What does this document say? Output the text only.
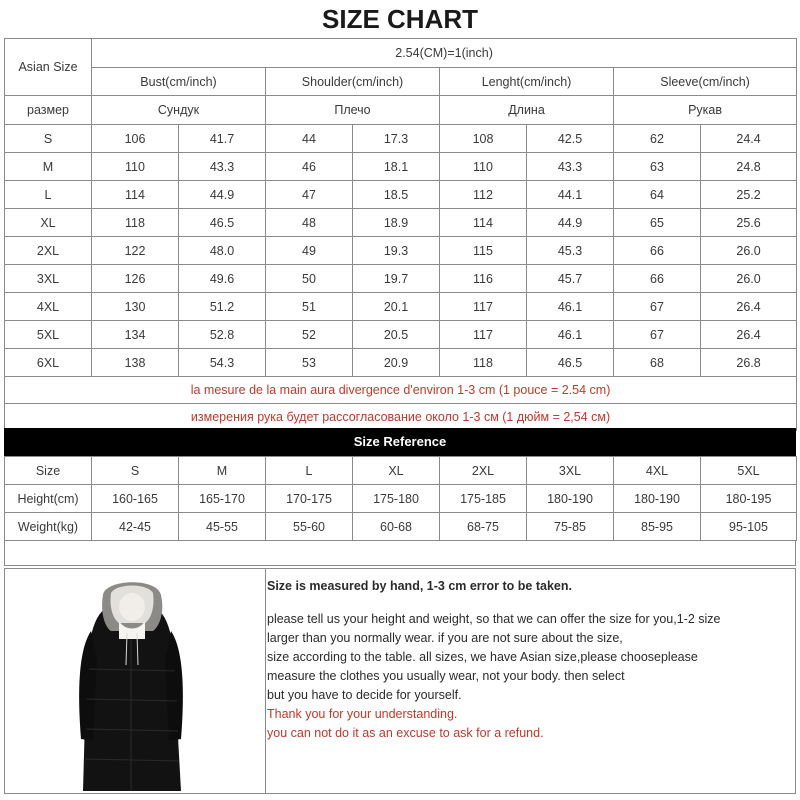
SIZE CHART
Asian Size	2.54(CM)=1(inch)							
	Bust(cm/inch)		Shoulder(cm/inch)		Lenght(cm/inch)		Sleeve(cm/inch)	
размер	Сундук		Плечо		Длина		Рукав	
S	106	41.7	44	17.3	108	42.5	62	24.4
M	110	43.3	46	18.1	110	43.3	63	24.8
L	114	44.9	47	18.5	112	44.1	64	25.2
XL	118	46.5	48	18.9	114	44.9	65	25.6
2XL	122	48.0	49	19.3	115	45.3	66	26.0
3XL	126	49.6	50	19.7	116	45.7	66	26.0
4XL	130	51.2	51	20.1	117	46.1	67	26.4
5XL	134	52.8	52	20.5	117	46.1	67	26.4
6XL	138	54.3	53	20.9	118	46.5	68	26.8
la mesure de la main aura divergence d'environ 1-3 cm (1 pouce = 2.54 cm)								
измерения рука будет рассогласование около 1-3 см (1 дюйм = 2,54 см)								
Size Reference
Size	S	M	L	XL	2XL	3XL	4XL	5XL
Height(cm)	160-165	165-170	170-175	175-180	175-185	180-190	180-190	180-195
Weight(kg)	42-45	45-55	55-60	60-68	68-75	75-85	85-95	95-105
Size is measured by hand, 1-3 cm error to be taken.
please tell us your height and weight, so that we can offer the size for you,1-2 size
larger than you normally wear. if you are not sure about the size,
size according to the table. all sizes, we have Asian size,please chooseplease
measure the clothes you usually wear, not your body. then select
but you have to decide for yourself.
Thank you for your understanding.
you can not do it as an excuse to ask for a refund.
